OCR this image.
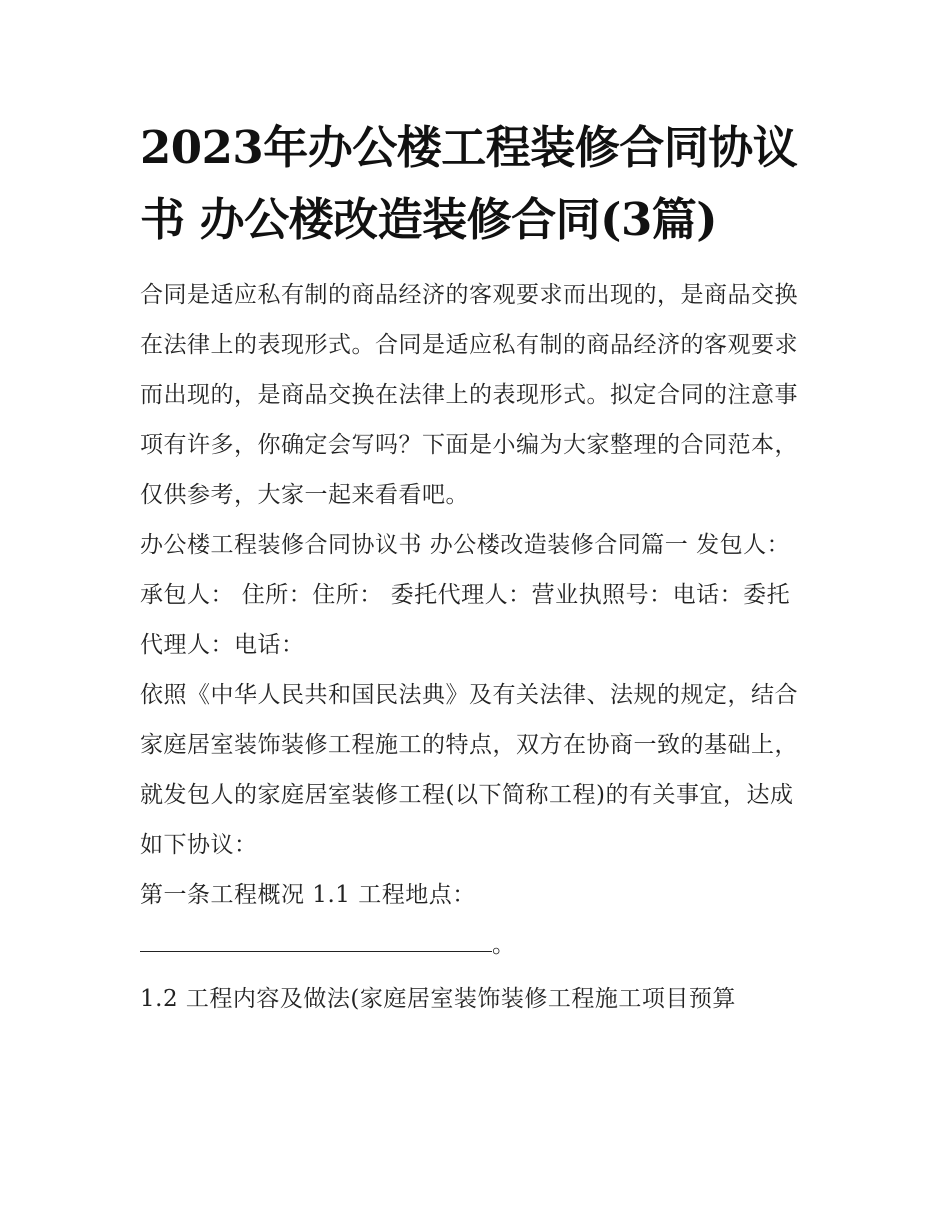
2023年办公楼工程装修合同协议书 办公楼改造装修合同(3篇)

合同是适应私有制的商品经济的客观要求而出现的，是商品交换在法律上的表现形式。合同是适应私有制的商品经济的客观要求而出现的，是商品交换在法律上的表现形式。拟定合同的注意事项有许多，你确定会写吗？下面是小编为大家整理的合同范本，仅供参考，大家一起来看看吧。

办公楼工程装修合同协议书 办公楼改造装修合同篇一 发包人：承包人： 住所：住所： 委托代理人：营业执照号：电话：委托代理人：电话：

依照《中华人民共和国民法典》及有关法律、法规的规定，结合家庭居室装饰装修工程施工的特点，双方在协商一致的基础上，就发包人的家庭居室装修工程(以下简称工程)的有关事宜，达成如下协议：

第一条工程概况 1.1 工程地点：

。

1.2 工程内容及做法(家庭居室装饰装修工程施工项目预算
